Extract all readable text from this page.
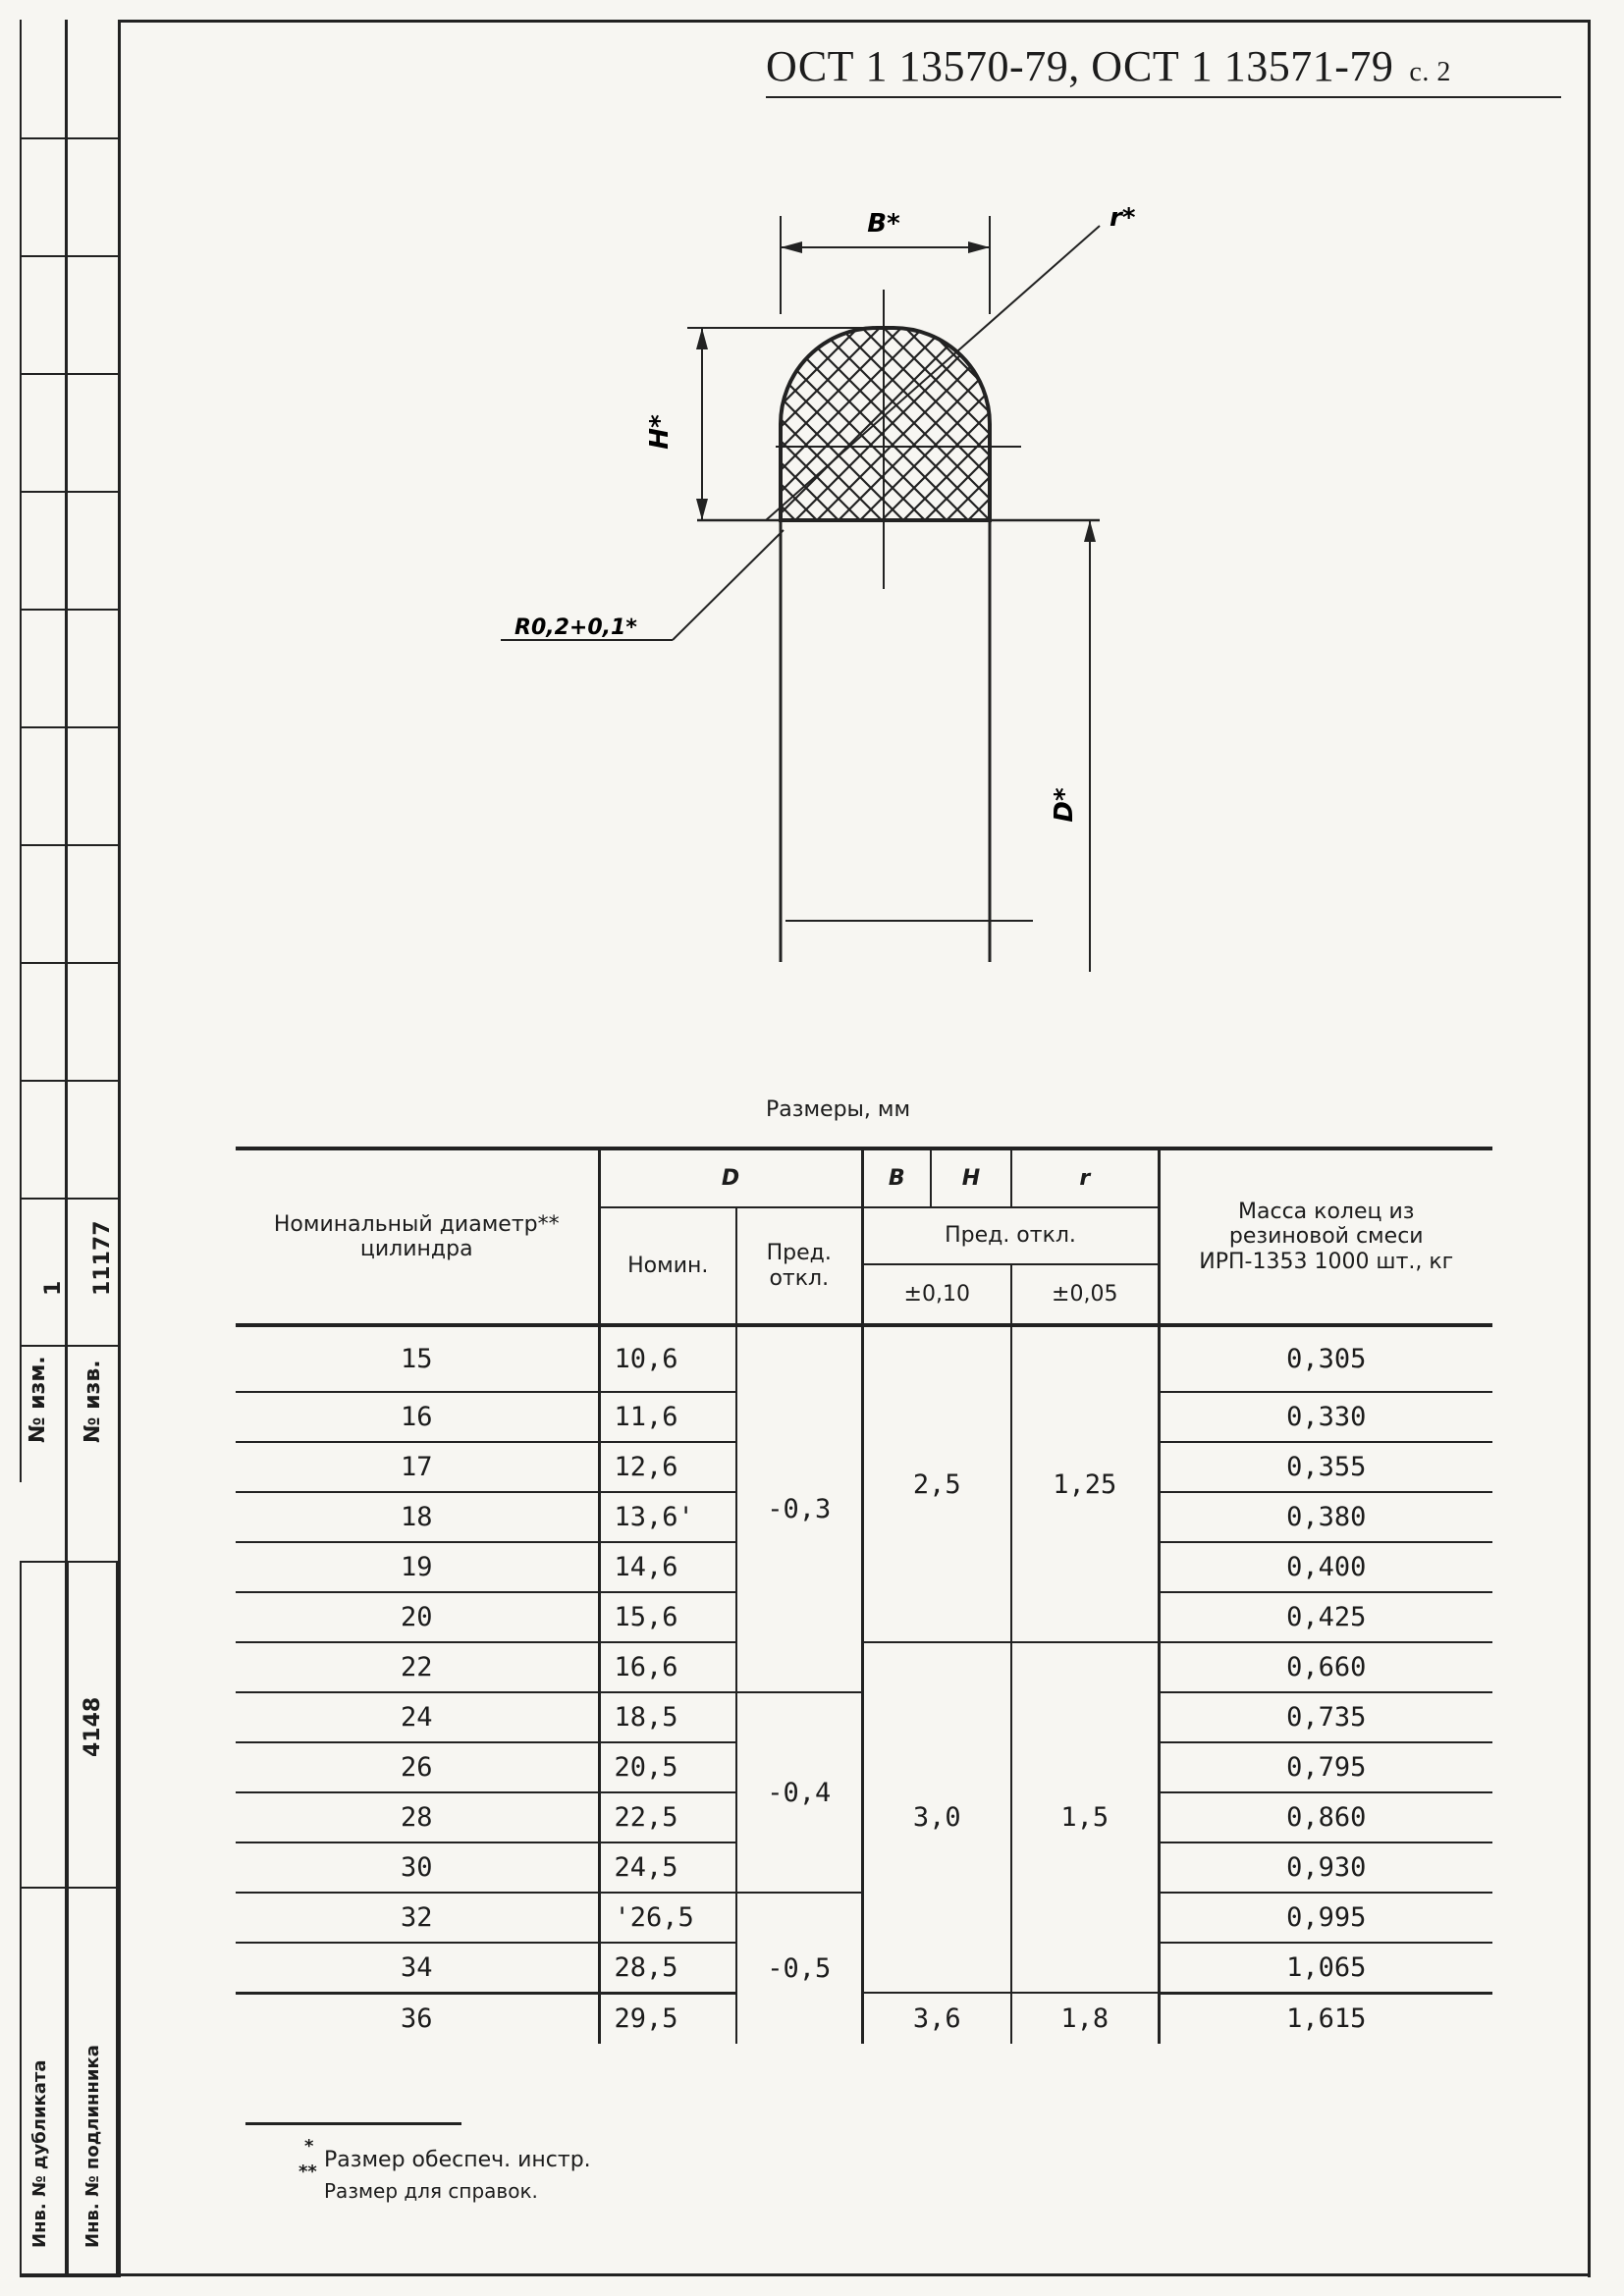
№ изм.
1
№ изв.
11177
4148
Инв. № дубликата Инв. № подлинника
ОСТ 1 13570-79, ОСТ 1 13571-79 с. 2
B*
H*
r*
R0,2+0,1*
D*
Размеры, мм
Номинальный диаметр** цилиндра	D		B	H	r	Масса колец из резиновой смеси ИРП-1353 1000 шт., кг
	Номин.	Пред. откл.	Пред. откл.			
			±0,10		±0,05	
15	10,6	-0,3	2,5		1,25	0,305
16	11,6					0,330
17	12,6					0,355
18	13,6'					0,380
19	14,6					0,400
20	15,6					0,425
22	16,6		3,0		1,5	0,660
24	18,5	-0,4				0,735
26	20,5					0,795
28	22,5					0,860
30	24,5					0,930
32	'26,5	-0,5				0,995
34	28,5					1,065
36	29,5		3,6		1,8	1,615
*
** Размер обеспеч. инстр.
Размер для справок.
